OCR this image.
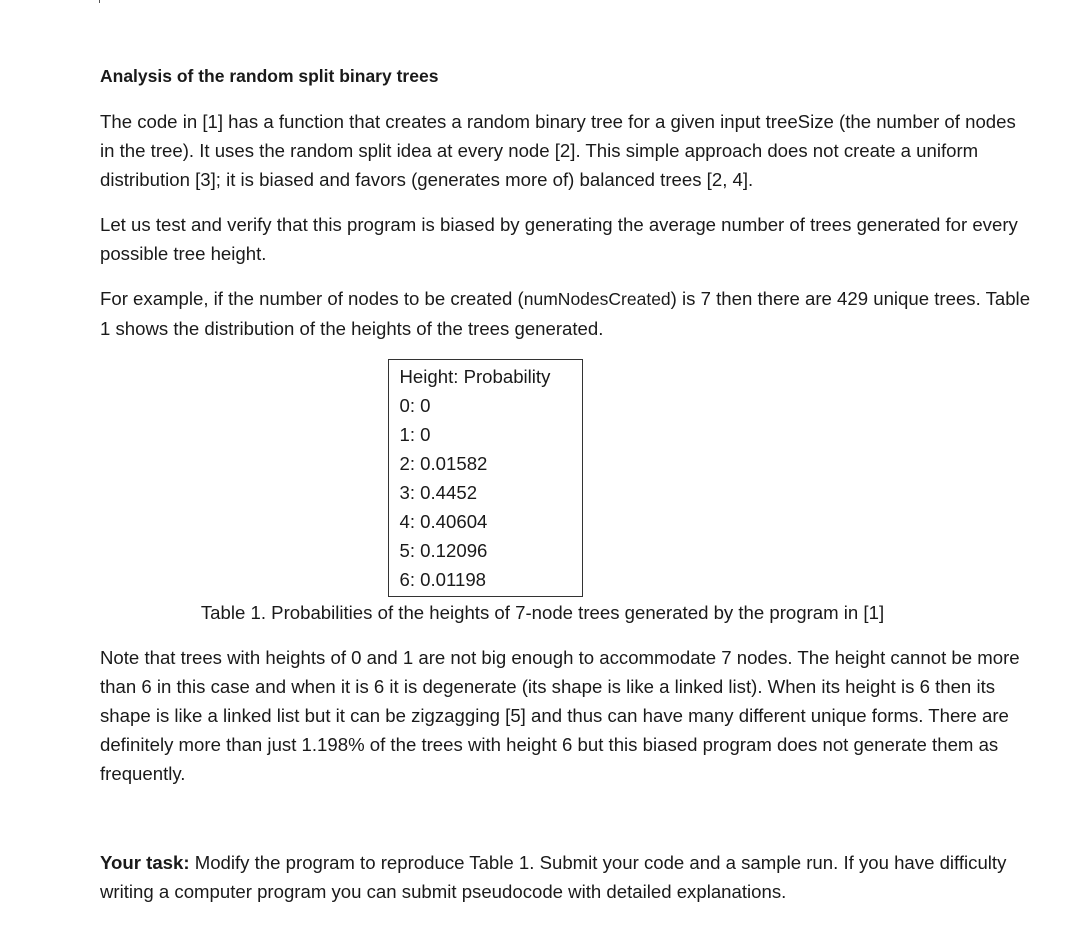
Analysis of the random split binary trees

The code in [1] has a function that creates a random binary tree for a given input treeSize (the number of nodes in the tree). It uses the random split idea at every node [2]. This simple approach does not create a uniform distribution [3]; it is biased and favors (generates more of) balanced trees [2, 4].

Let us test and verify that this program is biased by generating the average number of trees generated for every possible tree height.

For example, if the number of nodes to be created (numNodesCreated) is 7 then there are 429 unique trees. Table 1 shows the distribution of the heights of the trees generated.

Height: Probability
0: 0
1: 0
2: 0.01582
3: 0.4452
4: 0.40604
5: 0.12096
6: 0.01198
Table 1. Probabilities of the heights of 7-node trees generated by the program in [1]

Note that trees with heights of 0 and 1 are not big enough to accommodate 7 nodes. The height cannot be more than 6 in this case and when it is 6 it is degenerate (its shape is like a linked list). When its height is 6 then its shape is like a linked list but it can be zigzagging [5] and thus can have many different unique forms. There are definitely more than just 1.198% of the trees with height 6 but this biased program does not generate them as frequently.

Your task: Modify the program to reproduce Table 1. Submit your code and a sample run. If you have difficulty writing a computer program you can submit pseudocode with detailed explanations.
